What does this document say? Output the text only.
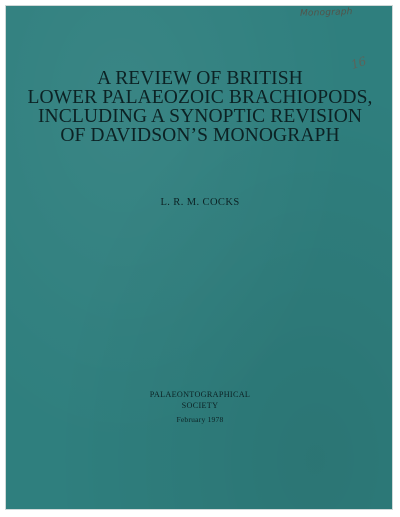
Monograph
16
A REVIEW OF BRITISH
LOWER PALAEOZOIC BRACHIOPODS,
INCLUDING A SYNOPTIC REVISION
OF DAVIDSON’S MONOGRAPH
L. R. M. COCKS
PALAEONTOGRAPHICAL
SOCIETY
February 1978
